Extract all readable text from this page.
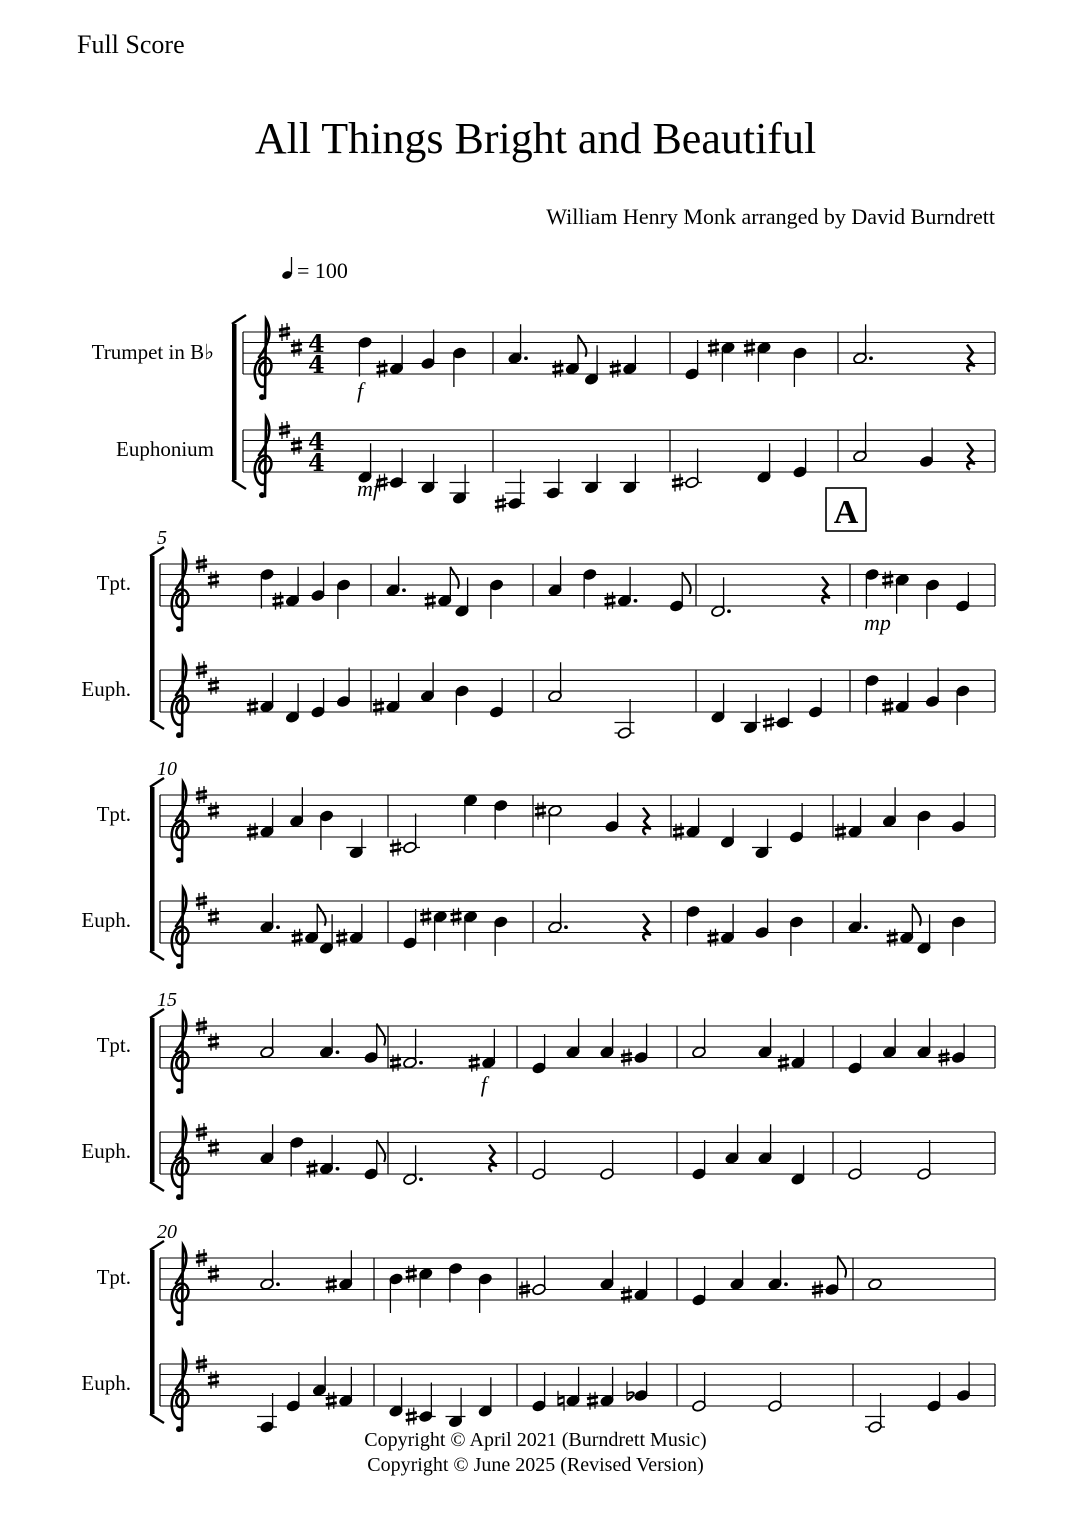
Full Score
All Things Bright and Beautiful
William Henry Monk arranged by David Burndrett
4
4
4
4
f
mf
5
mp
10
15
f
20
Trumpet in B♭
Euphonium
Tpt.
Euph.
Tpt.
Euph.
Tpt.
Euph.
Tpt.
Euph.
= 100
A
Copyright © April 2021 (Burndrett Music)
Copyright © June 2025 (Revised Version)
